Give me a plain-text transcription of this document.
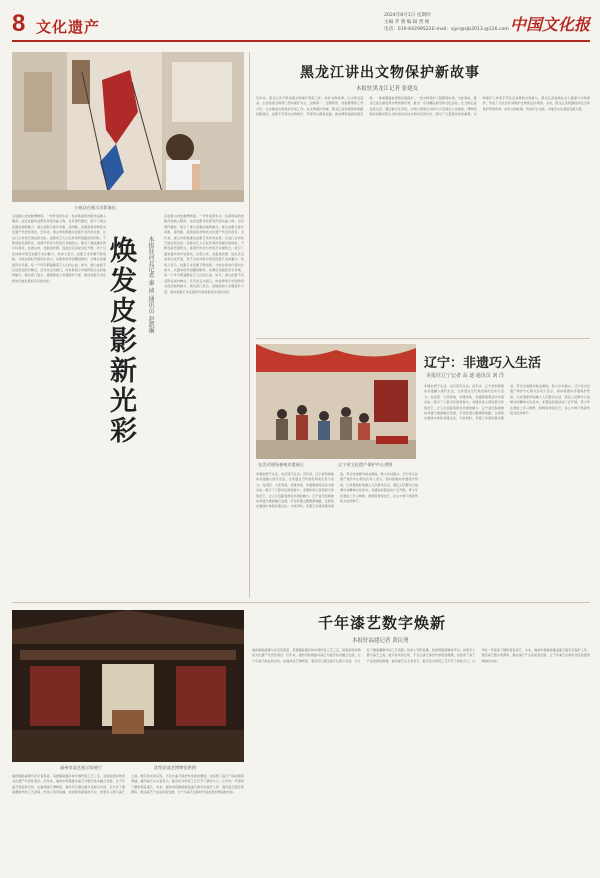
8 文化遗产
2024年8月1日 星期四
主编 齐 蕾 编 辑 贾 维
电话：010-64299522 E-mail：sjyc@sjb2013.@126.com 中国文化报
小观众在展示皮影演出
焕发皮影新光彩	本报驻河北记者 秦 祯 通讯员 赵凯琳
走进唐山市皮影博物馆，一件件造型生动、色彩艳丽的皮影作品映入眼帘。这些皮影作品既有传统戏曲人物，也有现代题材，展示了唐山皮影的独特魅力。唐山皮影又称乐亭影、滦州影，是国家级非物质文化遗产代表性项目。近年来，唐山市积极推动皮影艺术传承发展，让这门古老技艺焕发新光彩。皮影戏艺人们在传承传统剧目的同时，不断创新表现形式，将现代科技与传统艺术相结合，吸引了越来越多的年轻观众。在唐山市，皮影进校园、进社区活动常态化开展，孩子们在体验中感受皮影艺术的魅力。传承人表示，皮影艺术需要不断创新，才能在新时代保持生命力。从剧本创作到雕刻制作，从舞台表演到音乐伴奏，每一个环节都凝聚着艺人们的心血。如今，唐山皮影不仅活跃在国内舞台，还多次走出国门，向世界展示中国传统文化的独特魅力。相关部门表示，将继续加大非遗保护力度，推动皮影艺术在新时代焕发更加夺目的光彩。
走进唐山市皮影博物馆，一件件造型生动、色彩艳丽的皮影作品映入眼帘。这些皮影作品既有传统戏曲人物，也有现代题材，展示了唐山皮影的独特魅力。唐山皮影又称乐亭影、滦州影，是国家级非物质文化遗产代表性项目。近年来，唐山市积极推动皮影艺术传承发展，让这门古老技艺焕发新光彩。皮影戏艺人们在传承传统剧目的同时，不断创新表现形式，将现代科技与传统艺术相结合，吸引了越来越多的年轻观众。在唐山市，皮影进校园、进社区活动常态化开展，孩子们在体验中感受皮影艺术的魅力。传承人表示，皮影艺术需要不断创新，才能在新时代保持生命力。从剧本创作到雕刻制作，从舞台表演到音乐伴奏，每一个环节都凝聚着艺人们的心血。如今，唐山皮影不仅活跃在国内舞台，还多次走出国门，向世界展示中国传统文化的独特魅力。相关部门表示，将继续加大非遗保护力度，推动皮影艺术在新时代焕发更加夺目的光彩。
黑龙江讲出文物保护新故事
本报驻黑龙江记者 张建友
近年来，黑龙江省不断加强文物保护利用工作，讲好文物故事，让文物活起来。全省各级文物部门坚持保护为主、抢救第一、合理利用、加强管理的工作方针，扎实推进文物保护各项工作。在文物保护领域，黑龙江省积极探索新路径新模式，加强不可移动文物保护，开展考古调查发掘，推动博物馆高质量发展。一批重要遗址得到有效保护，一批文物保护工程顺利实施。与此同时，黑龙江省注重发挥文物资源优势，推出一系列精品展览和文化活动，让文物走进百姓生活。通过数字化手段，文物以更加生动的方式呈现在公众面前。博物馆里的讲解员用生动的语言讲述文物背后的历史，吸引了大量观众前来参观。文物保护工作离不开社会各界的共同参与，黑龙江省鼓励社会力量参与文物保护，形成了全社会共同保护文物的良好氛围。未来，黑龙江省将继续深化文物保护利用改革，讲好文物故事，传承历史文脉，为建设文化强省贡献力量。
在活动现场参观非遗展示	辽宁省文化遗产保护中心供图
辽宁：非遗巧入生活
本报驻辽宁记者 高 迪 通讯员 刘 洋
非遗来源于生活，也应回归生活。近年来，辽宁省积极推动非遗融入现代生活，让非遗在当代焕发新的生机与活力。在沈阳、大连等地，非遗市集、非遗展演等活动丰富多彩，吸引了大量市民游客参与。非遗传承人现场展示传统技艺，让人们近距离感受非遗的魅力。辽宁省还积极推动非遗与旅游融合发展，打造非遗主题旅游线路，让游客在旅途中体验非遗文化。与此同时，非遗工坊建设稳步推进，带动当地群众就业增收，助力乡村振兴。辽宁省文化遗产保护中心相关负责人表示，将持续推动非遗保护传承，让非遗更好地融入人民群众生活，满足人民群众日益增长的精神文化需求。非遗进校园活动广泛开展，青少年在课堂上学习剪纸、刺绣等传统技艺，在心中种下热爱传统文化的种子。
非遗来源于生活，也应回归生活。近年来，辽宁省积极推动非遗融入现代生活，让非遗在当代焕发新的生机与活力。在沈阳、大连等地，非遗市集、非遗展演等活动丰富多彩，吸引了大量市民游客参与。非遗传承人现场展示传统技艺，让人们近距离感受非遗的魅力。辽宁省还积极推动非遗与旅游融合发展，打造非遗主题旅游线路，让游客在旅途中体验非遗文化。与此同时，非遗工坊建设稳步推进，带动当地群众就业增收，助力乡村振兴。辽宁省文化遗产保护中心相关负责人表示，将持续推动非遗保护传承，让非遗更好地融入人民群众生活，满足人民群众日益增长的精神文化需求。非遗进校园活动广泛开展，青少年在课堂上学习剪纸、刺绣等传统技艺，在心中种下热爱传统文化的种子。
福州市漆艺展示馆展厅	沈绍安漆艺博物馆供图
千年漆艺数字焕新
本报驻福建记者 黄民勇
福州脱胎漆器与北京景泰蓝、景德镇瓷器并称中国传统工艺三宝，是国家级非物质文化遗产代表性项目。近年来，福州市积极推动漆艺与数字技术融合发展，让千年漆艺焕发新生机。在福州漆艺博物馆，观众可以通过数字化展示系统，全方位了解漆器制作的工艺流程。传承人利用直播、短视频等新媒体平台，向更多人展示漆艺之美。数字技术的应用，不仅让漆艺保护传承更加便捷，也拓宽了漆艺产品的销售渠道。福州漆艺从业者表示，数字化为传统工艺打开了新的大门，让年轻一代更加了解和喜爱漆艺。未来，福州市将继续推进漆艺数字化保护工作，建设漆艺数字资源库，推动漆艺产业高质量发展，让千年漆艺在新时代绽放更加绚丽的光彩。
福州脱胎漆器与北京景泰蓝、景德镇瓷器并称中国传统工艺三宝，是国家级非物质文化遗产代表性项目。近年来，福州市积极推动漆艺与数字技术融合发展，让千年漆艺焕发新生机。在福州漆艺博物馆，观众可以通过数字化展示系统，全方位了解漆器制作的工艺流程。传承人利用直播、短视频等新媒体平台，向更多人展示漆艺之美。数字技术的应用，不仅让漆艺保护传承更加便捷，也拓宽了漆艺产品的销售渠道。福州漆艺从业者表示，数字化为传统工艺打开了新的大门，让年轻一代更加了解和喜爱漆艺。未来，福州市将继续推进漆艺数字化保护工作，建设漆艺数字资源库，推动漆艺产业高质量发展，让千年漆艺在新时代绽放更加绚丽的光彩。
